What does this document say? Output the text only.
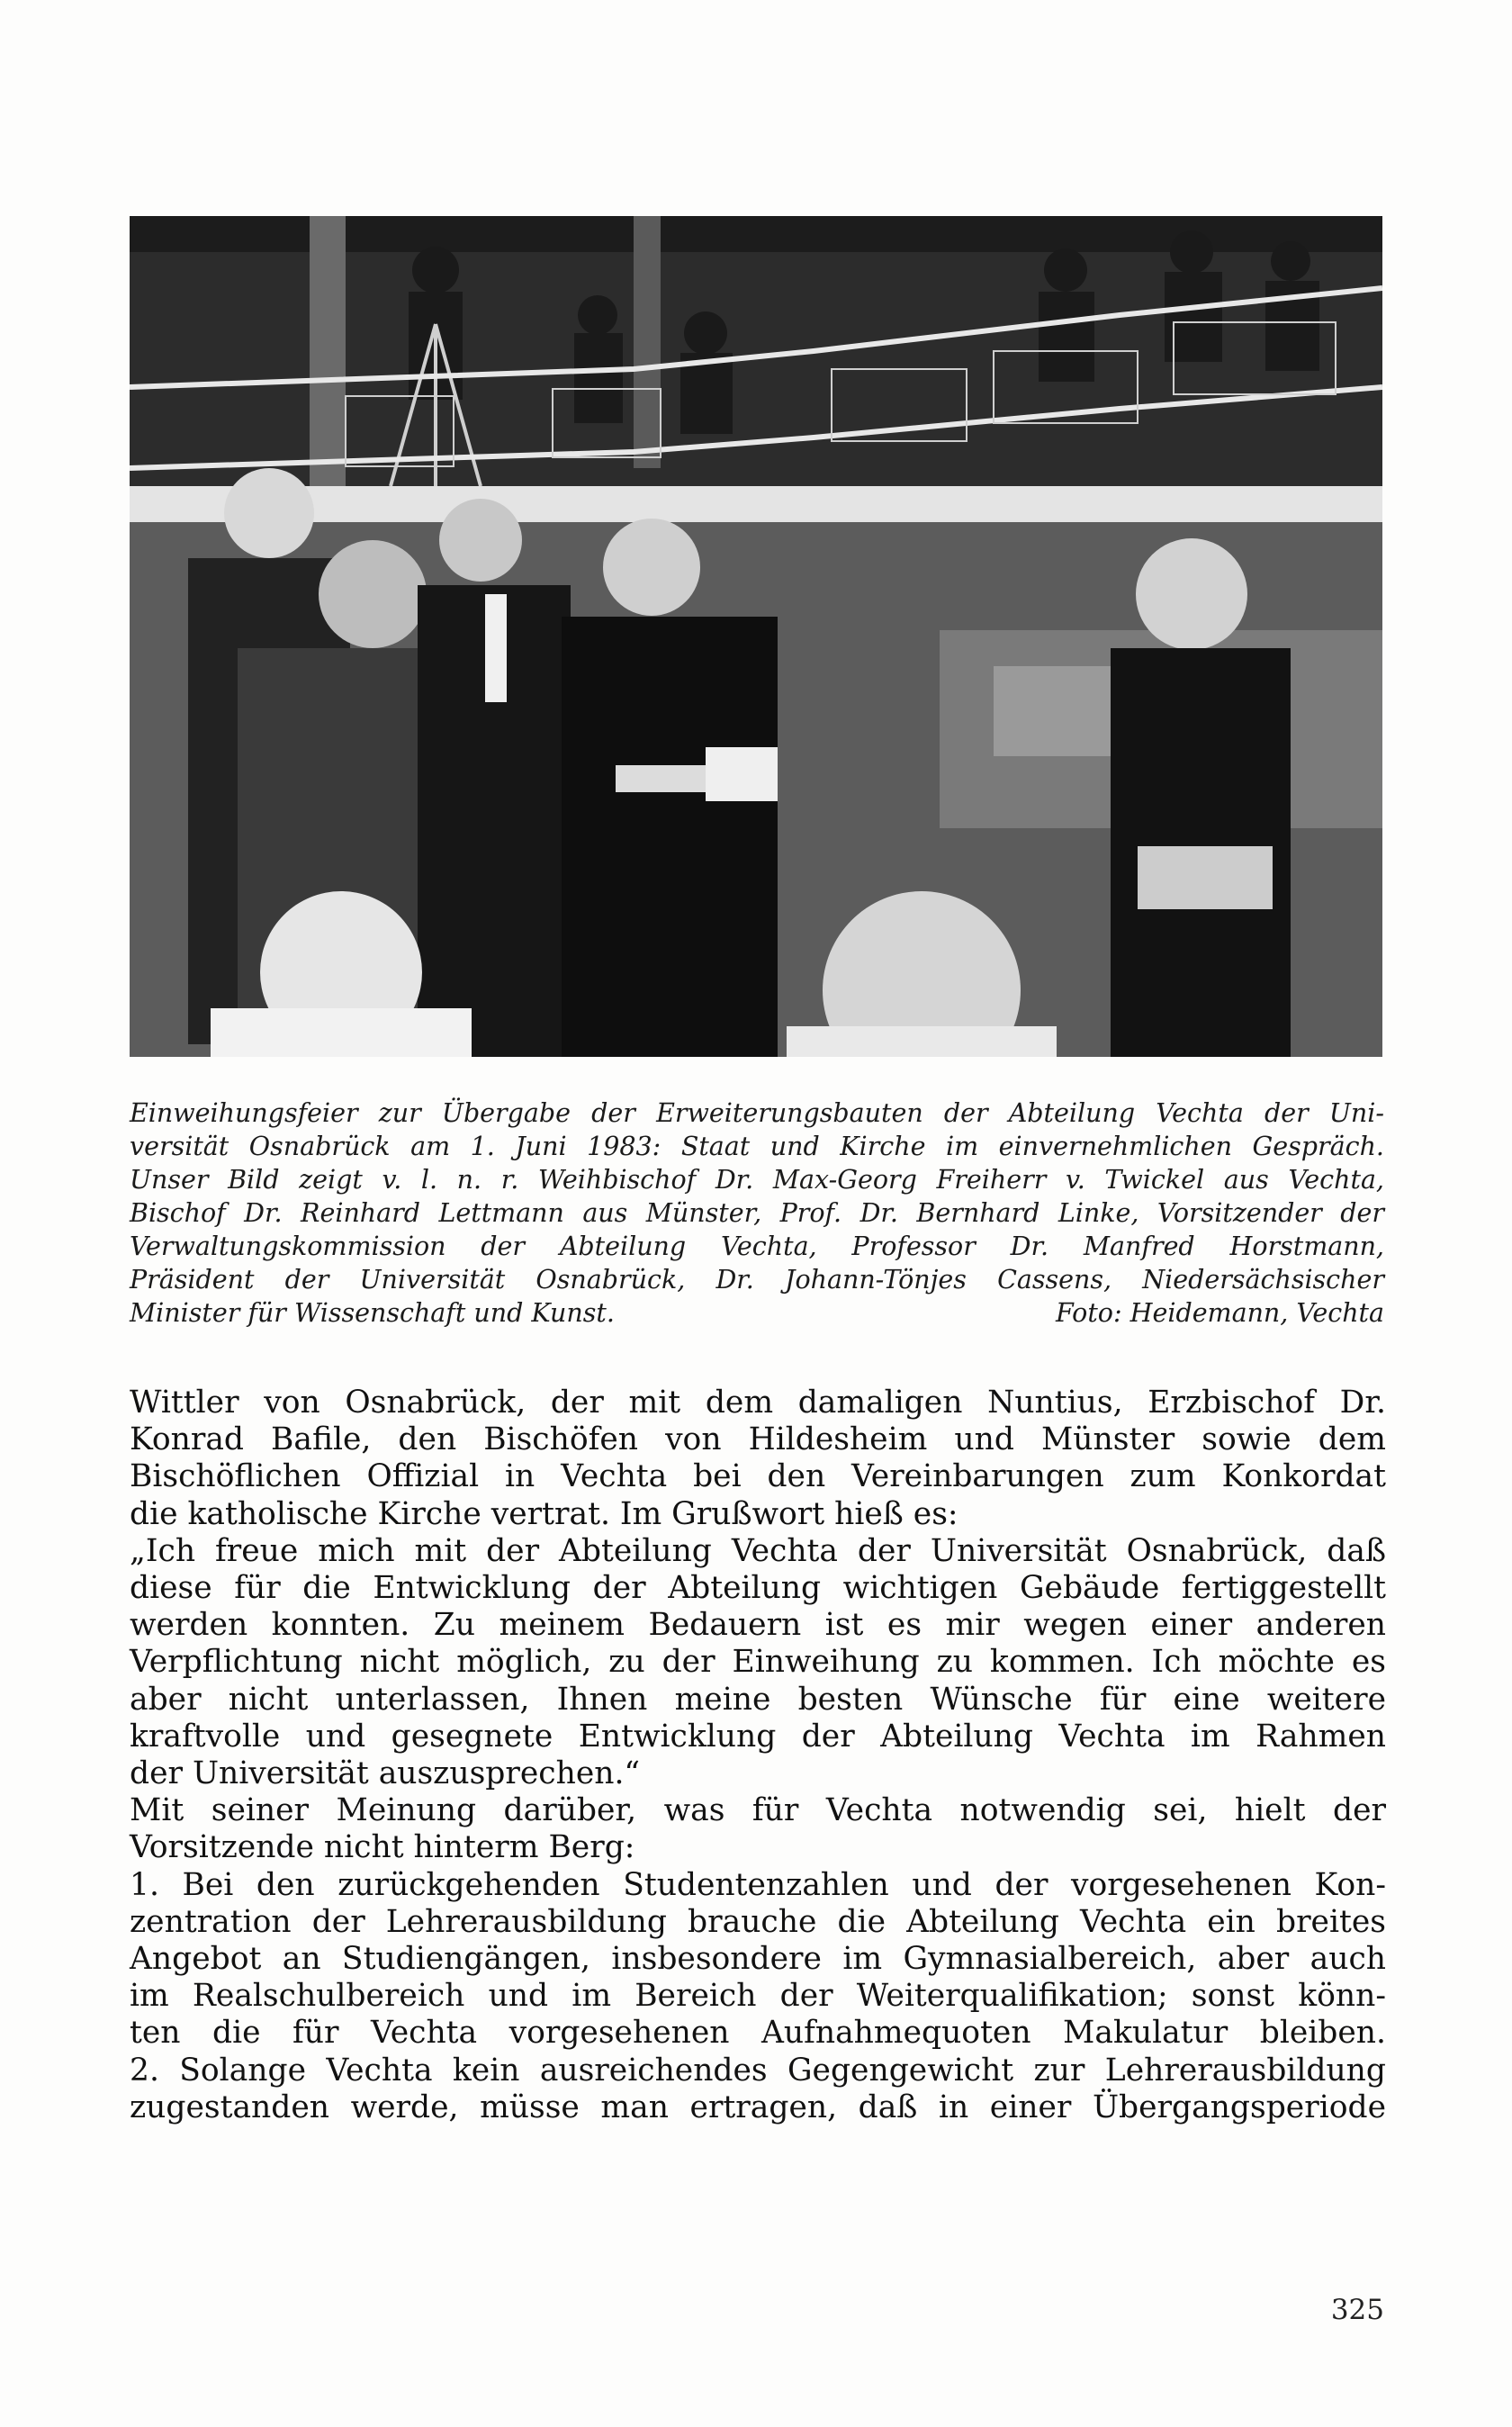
Einweihungsfeier zur Übergabe der Erweiterungsbauten der Abteilung Vechta der Uni-
versität Osnabrück am 1. Juni 1983: Staat und Kirche im einvernehmlichen Gespräch.
Unser Bild zeigt v. l. n. r. Weihbischof Dr. Max-Georg Freiherr v. Twickel aus Vechta,
Bischof Dr. Reinhard Lettmann aus Münster, Prof. Dr. Bernhard Linke, Vorsitzender der
Verwaltungskommission der Abteilung Vechta, Professor Dr. Manfred Horstmann,
Präsident der Universität Osnabrück, Dr. Johann-Tönjes Cassens, Niedersächsischer
Minister für Wissenschaft und Kunst.	Foto: Heidemann, Vechta
Wittler von Osnabrück, der mit dem damaligen Nuntius, Erzbischof Dr.
Konrad Bafile, den Bischöfen von Hildesheim und Münster sowie dem
Bischöflichen Offizial in Vechta bei den Vereinbarungen zum Konkordat
die katholische Kirche vertrat. Im Grußwort hieß es:
„Ich freue mich mit der Abteilung Vechta der Universität Osnabrück, daß
diese für die Entwicklung der Abteilung wichtigen Gebäude fertiggestellt
werden konnten. Zu meinem Bedauern ist es mir wegen einer anderen
Verpflichtung nicht möglich, zu der Einweihung zu kommen. Ich möchte es
aber nicht unterlassen, Ihnen meine besten Wünsche für eine weitere
kraftvolle und gesegnete Entwicklung der Abteilung Vechta im Rahmen
der Universität auszusprechen.“
Mit seiner Meinung darüber, was für Vechta notwendig sei, hielt der
Vorsitzende nicht hinterm Berg:
1. Bei den zurückgehenden Studentenzahlen und der vorgesehenen Kon-
zentration der Lehrerausbildung brauche die Abteilung Vechta ein breites
Angebot an Studiengängen, insbesondere im Gymnasialbereich, aber auch
im Realschulbereich und im Bereich der Weiterqualifikation; sonst könn-
ten die für Vechta vorgesehenen Aufnahmequoten Makulatur bleiben.
2. Solange Vechta kein ausreichendes Gegengewicht zur Lehrerausbildung
zugestanden werde, müsse man ertragen, daß in einer Übergangsperiode
325
